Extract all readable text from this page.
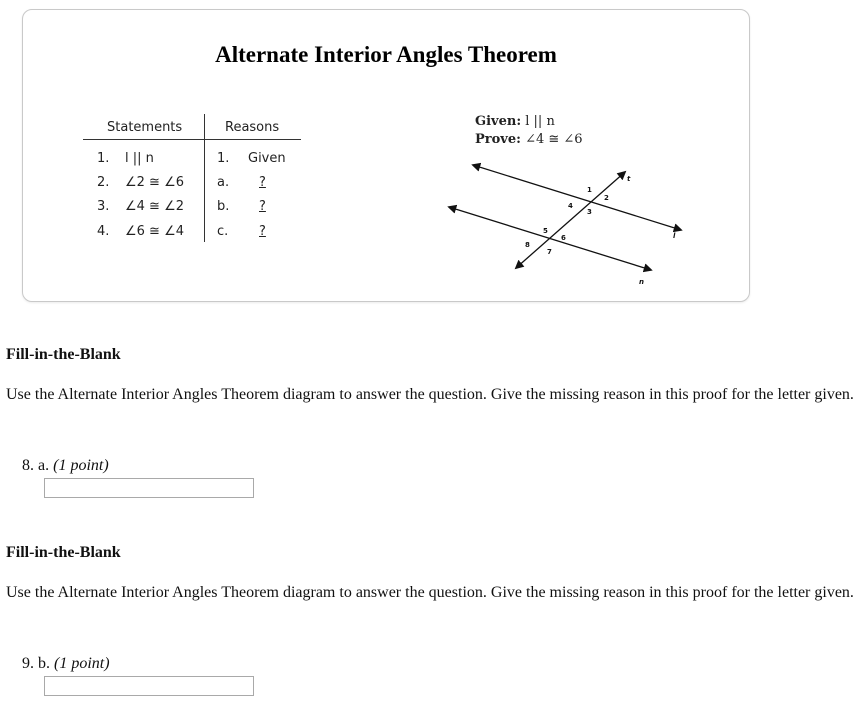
Alternate Interior Angles Theorem
Statements	Reasons
1. l || n	1. Given
2. ∠2 ≅ ∠6	a. ?
3. ∠4 ≅ ∠2	b. ?
4. ∠6 ≅ ∠4	c. ?
Given: l || n
Prove: ∠4 ≅ ∠6
1
2
3
4
5
6
7
8
t
l
n
Fill-in-the-Blank
Use the Alternate Interior Angles Theorem diagram to answer the question. Give the missing reason in this proof for the letter given.
8. a. (1 point)
Fill-in-the-Blank
Use the Alternate Interior Angles Theorem diagram to answer the question. Give the missing reason in this proof for the letter given.
9. b. (1 point)
